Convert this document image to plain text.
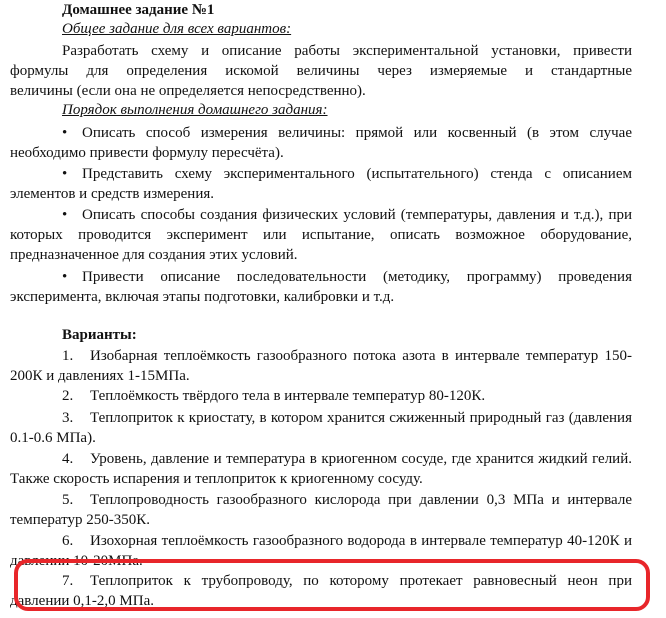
Домашнее задание №1
Общее задание для всех вариантов:
Разработать схему и описание работы экспериментальной установки, привести
формулы для определения искомой величины через измеряемые и стандартные
величины (если она не определяется непосредственно).
Порядок выполнения домашнего задания:
• Описать способ измерения величины: прямой или косвенный (в этом случае
необходимо привести формулу пересчёта).
• Представить схему экспериментального (испытательного) стенда с описанием
элементов и средств измерения.
• Описать способы создания физических условий (температуры, давления и т.д.), при
которых проводится эксперимент или испытание, описать возможное оборудование,
предназначенное для создания этих условий.
• Привести описание последовательности (методику, программу) проведения
эксперимента, включая этапы подготовки, калибровки и т.д.
Варианты:
1.	Изобарная теплоёмкость газообразного потока азота в интервале температур 150-
200К и давлениях 1-15МПа.
2.	Теплоёмкость твёрдого тела в интервале температур 80-120К.
3.	Теплоприток к криостату, в котором хранится сжиженный природный газ (давления
0.1-0.6 МПа).
4.	Уровень, давление и температура в криогенном сосуде, где хранится жидкий гелий.
Также скорость испарения и теплоприток к криогенному сосуду.
5.	Теплопроводность газообразного кислорода при давлении 0,3 МПа и интервале
температур 250-350К.
6.	Изохорная теплоёмкость газообразного водорода в интервале температур 40-120К и
давлении 10-20МПа.
7.	Теплоприток к трубопроводу, по которому протекает равновесный неон при
давлении 0,1-2,0 МПа.
